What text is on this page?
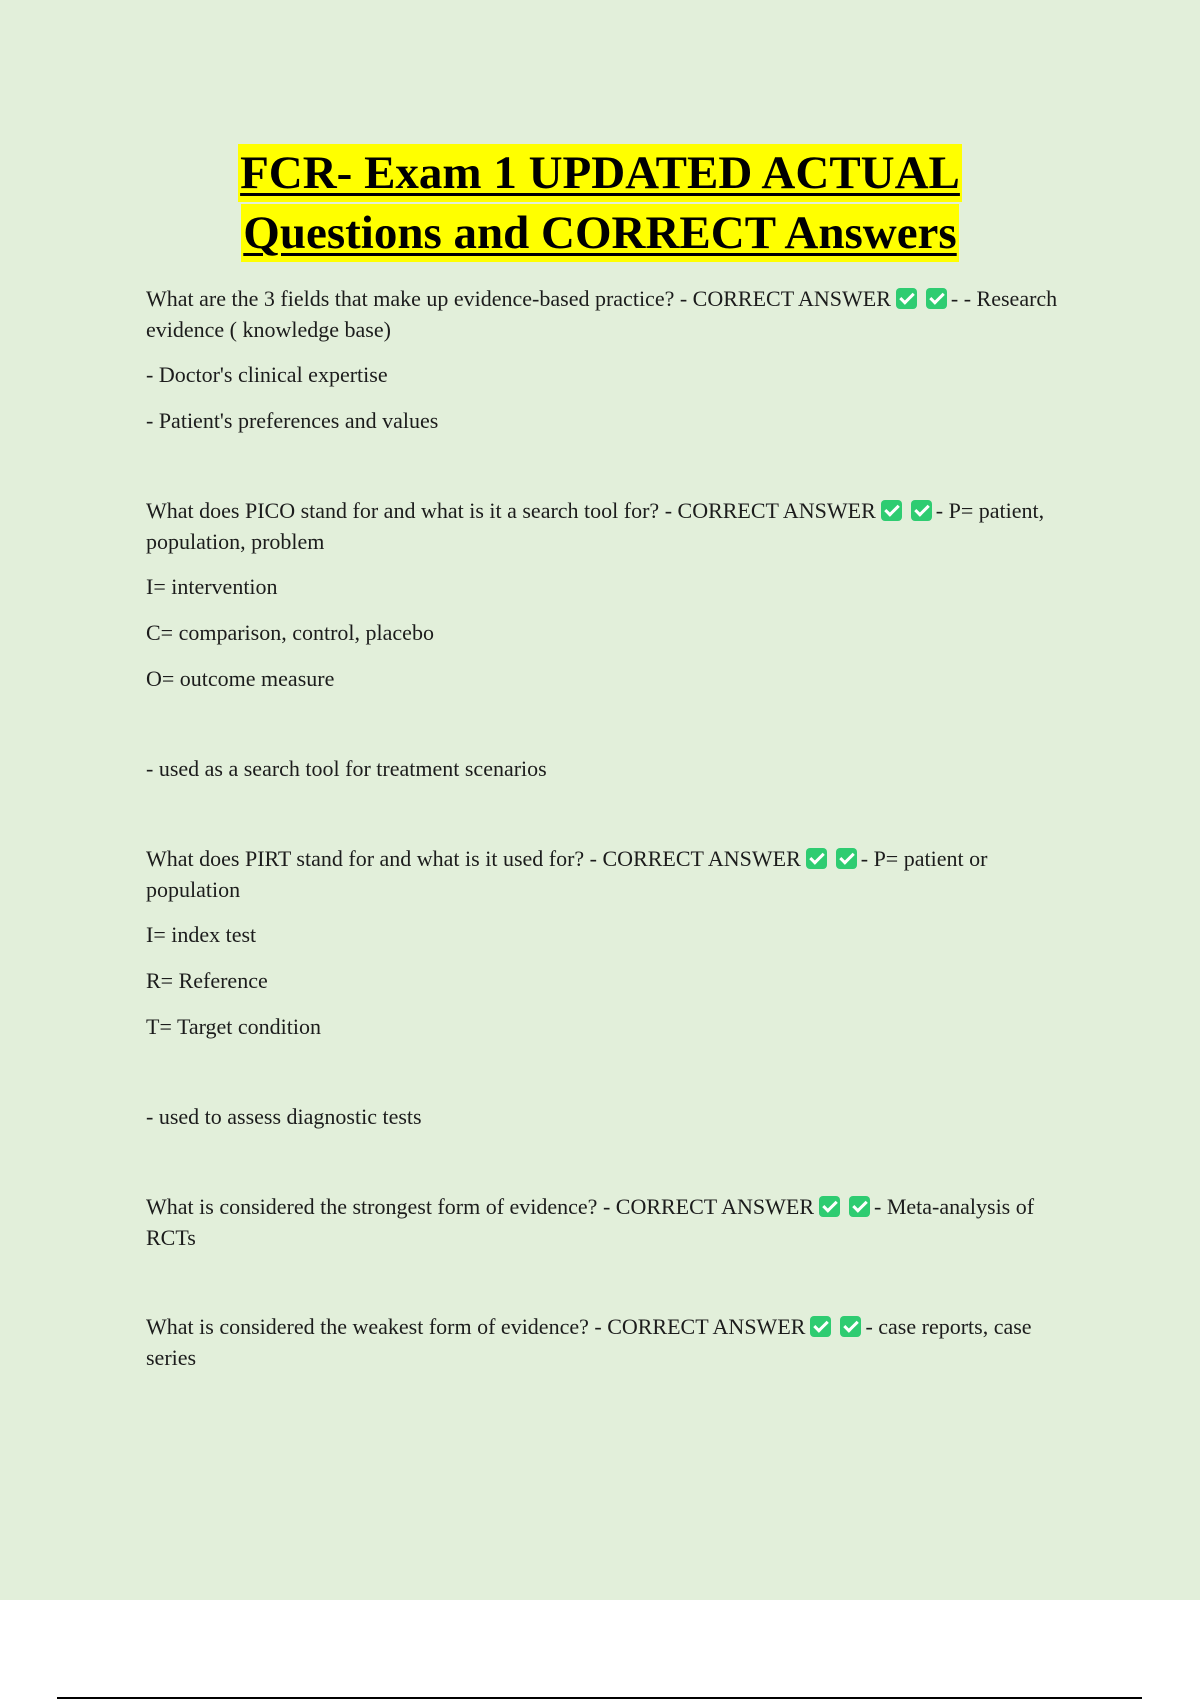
FCR- Exam 1 UPDATED ACTUAL
Questions and CORRECT Answers

What are the 3 fields that make up evidence-based practice? - CORRECT ANSWER	- - Research evidence ( knowledge base)

- Doctor's clinical expertise

- Patient's preferences and values

What does PICO stand for and what is it a search tool for? - CORRECT ANSWER	- P= patient, population, problem

I= intervention

C= comparison, control, placebo

O= outcome measure

- used as a search tool for treatment scenarios

What does PIRT stand for and what is it used for? - CORRECT ANSWER	- P= patient or population

I= index test

R= Reference

T= Target condition

- used to assess diagnostic tests

What is considered the strongest form of evidence? - CORRECT ANSWER	- Meta-analysis of RCTs

What is considered the weakest form of evidence? - CORRECT ANSWER	- case reports, case series
